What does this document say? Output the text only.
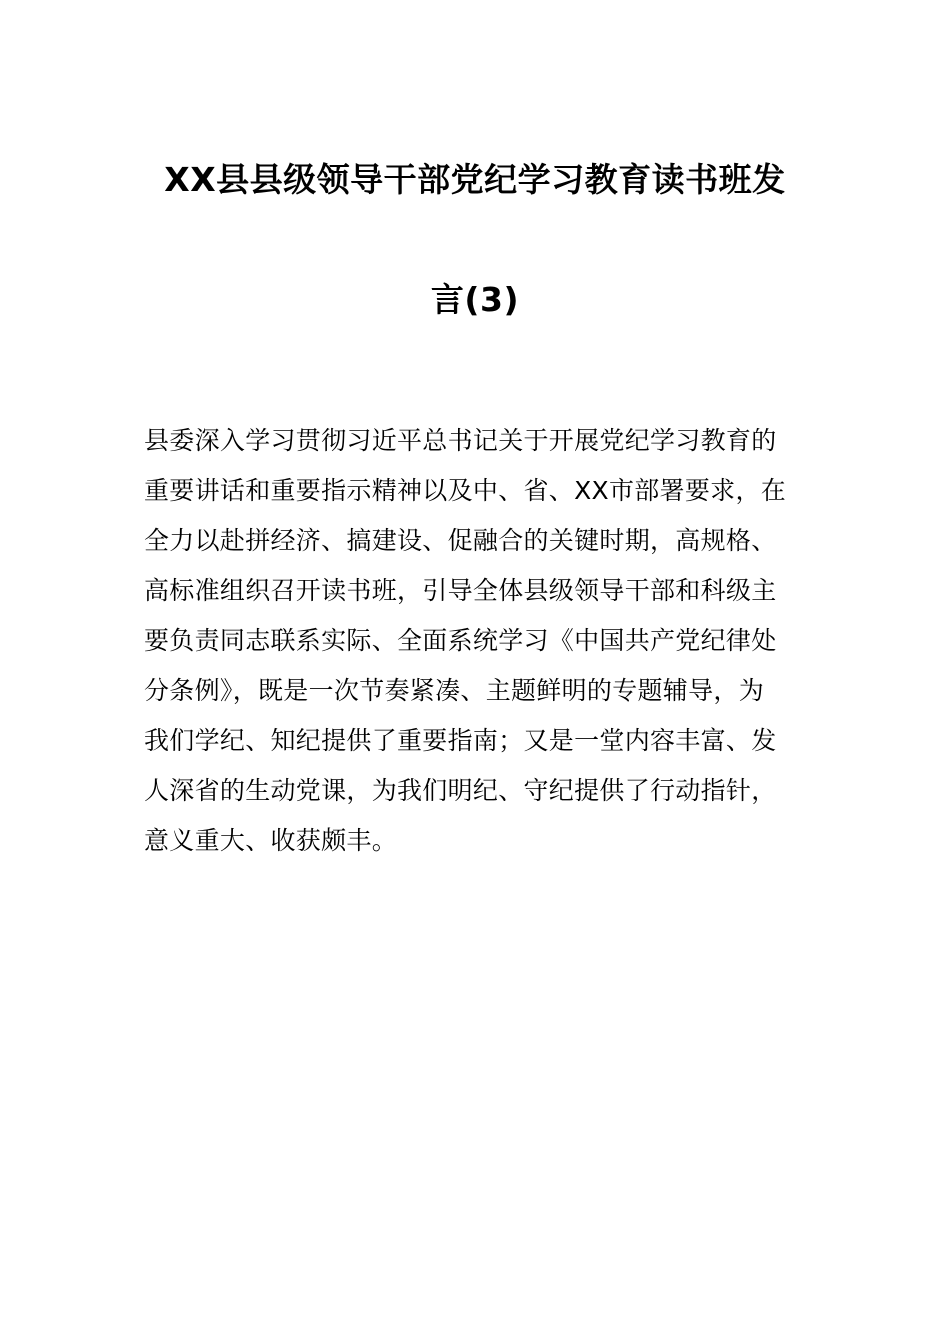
XX县县级领导干部党纪学习教育读书班发
言(3)
县委深入学习贯彻习近平总书记关于开展党纪学习教育的
重要讲话和重要指示精神以及中、省、XX市部署要求，在
全力以赴拼经济、搞建设、促融合的关键时期，高规格、
高标准组织召开读书班，引导全体县级领导干部和科级主
要负责同志联系实际、全面系统学习《中国共产党纪律处
分条例》，既是一次节奏紧凑、主题鲜明的专题辅导，为
我们学纪、知纪提供了重要指南；又是一堂内容丰富、发
人深省的生动党课，为我们明纪、守纪提供了行动指针，
意义重大、收获颇丰。
